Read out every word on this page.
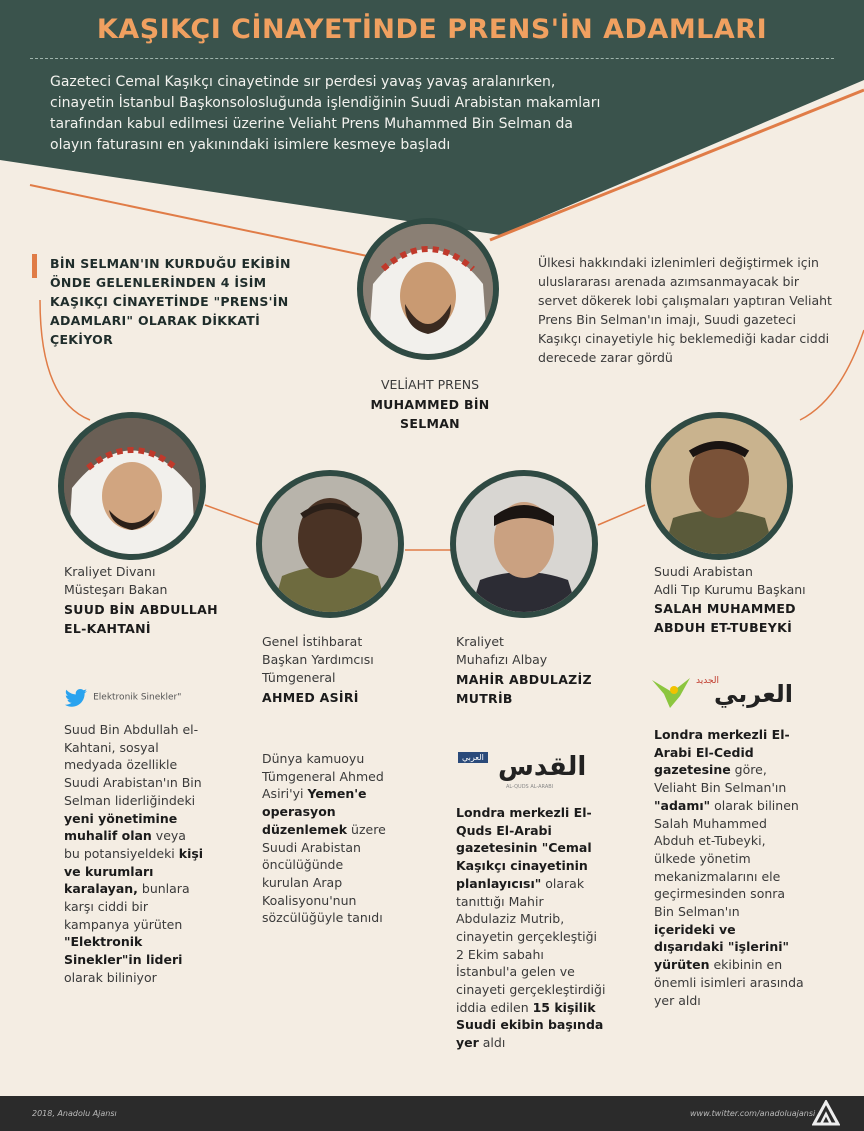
KAŞIKÇI CİNAYETİNDE PRENS'İN ADAMLARI
Gazeteci Cemal Kaşıkçı cinayetinde sır perdesi yavaş yavaş aralanırken, cinayetin İstanbul Başkonsolosluğunda işlendiğinin Suudi Arabistan makamları tarafından kabul edilmesi üzerine Veliaht Prens Muhammed Bin Selman da olayın faturasını en yakınındaki isimlere kesmeye başladı
BİN SELMAN'IN KURDUĞU EKİBİN ÖNDE GELENLERİNDEN 4 İSİM KAŞIKÇI CİNAYETİNDE "PRENS'İN ADAMLARI" OLARAK DİKKATİ ÇEKİYOR
Ülkesi hakkındaki izlenimleri değiştirmek için uluslararası arenada azımsanmayacak bir servet dökerek lobi çalışmaları yaptıran Veliaht Prens Bin Selman'ın imajı, Suudi gazeteci Kaşıkçı cinayetiyle hiç beklemediği kadar ciddi derecede zarar gördü
VELİAHT PRENS
MUHAMMED BİN SELMAN
Kraliyet Divanı
Müsteşarı Bakan
SUUD BİN ABDULLAH
EL-KAHTANİ
Elektronik Sinekler"
Suud Bin Abdullah el-Kahtani, sosyal medyada özellikle Suudi Arabistan'ın Bin Selman liderliğindeki yeni yönetimine muhalif olan veya bu potansiyeldeki kişi ve kurumları karalayan, bunlara karşı ciddi bir kampanya yürüten "Elektronik Sinekler"in lideri olarak biliniyor
Genel İstihbarat
Başkan Yardımcısı
Tümgeneral
AHMED ASİRİ
Dünya kamuoyu Tümgeneral Ahmed Asiri'yi Yemen'e operasyon düzenlemek üzere Suudi Arabistan öncülüğünde kurulan Arap Koalisyonu'nun sözcülüğüyle tanıdı
Kraliyet
Muhafızı Albay
MAHİR ABDULAZİZ
MUTRİB
العربي القدس
AL-QUDS AL-ARABI
Londra merkezli El-Quds El-Arabi gazetesinin "Cemal Kaşıkçı cinayetinin planlayıcısı" olarak tanıttığı Mahir Abdulaziz Mutrib, cinayetin gerçekleştiği 2 Ekim sabahı İstanbul'a gelen ve cinayeti gerçekleştirdiği iddia edilen 15 kişilik Suudi ekibin başında yer aldı
Suudi Arabistan
Adli Tıp Kurumu Başkanı
SALAH MUHAMMED
ABDUH ET-TUBEYKİ
الجديد
العربي
Londra merkezli El-Arabi El-Cedid gazetesine göre, Veliaht Bin Selman'ın "adamı" olarak bilinen Salah Muhammed Abduh et-Tubeyki, ülkede yönetim mekanizmalarını ele geçirmesinden sonra Bin Selman'ın içerideki ve dışarıdaki "işlerini" yürüten ekibinin en önemli isimleri arasında yer aldı
2018, Anadolu Ajansı	www.twitter.com/anadoluajansi
